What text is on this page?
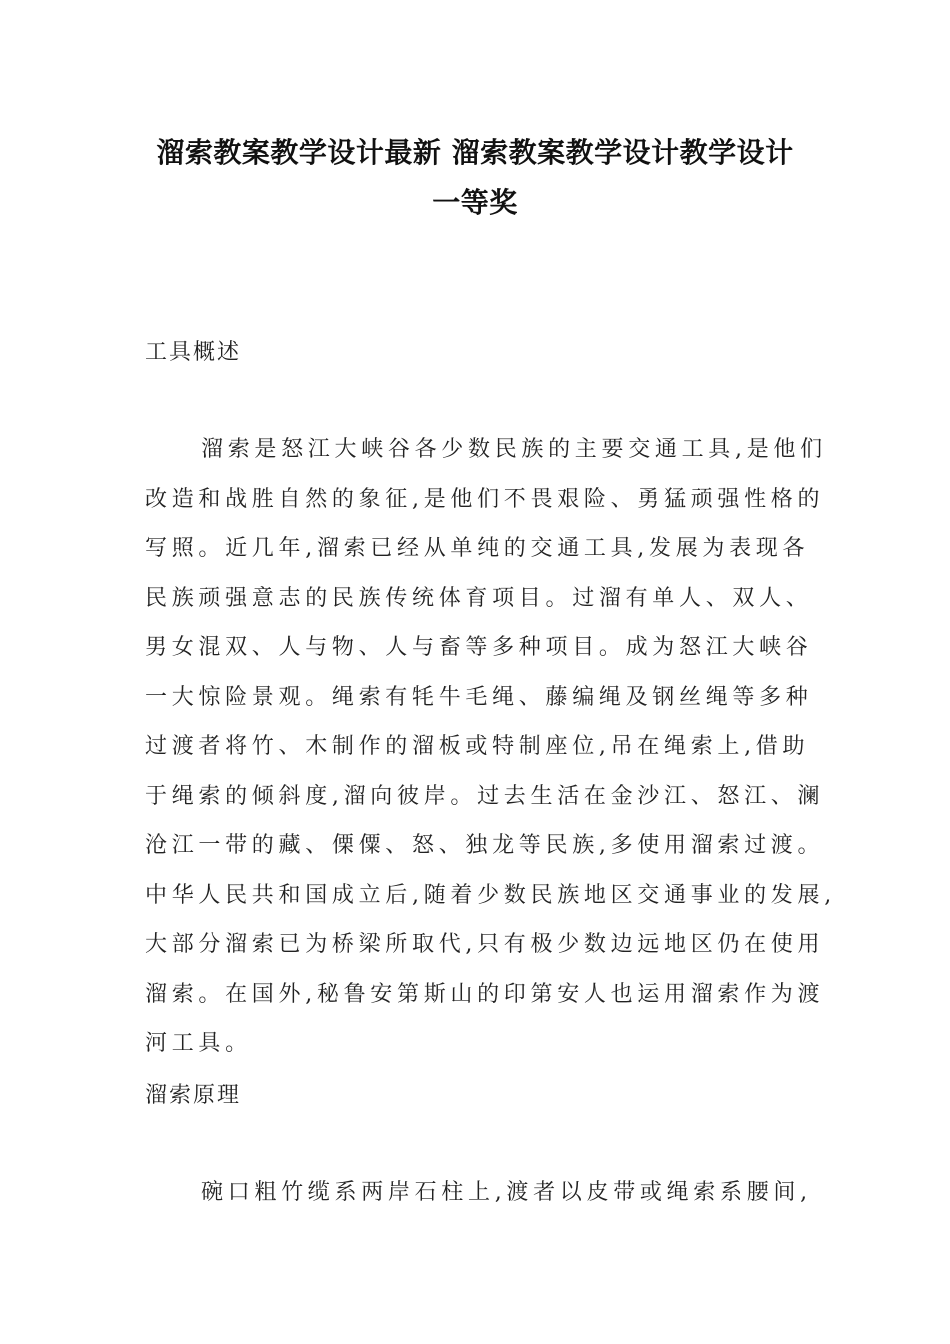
溜索教案教学设计最新 溜索教案教学设计教学设计
一等奖
工具概述
溜索是怒江大峡谷各少数民族的主要交通工具,是他们
改造和战胜自然的象征,是他们不畏艰险、勇猛顽强性格的
写照。近几年,溜索已经从单纯的交通工具,发展为表现各
民族顽强意志的民族传统体育项目。过溜有单人、双人、
男女混双、人与物、人与畜等多种项目。成为怒江大峡谷
一大惊险景观。绳索有牦牛毛绳、藤编绳及钢丝绳等多种
过渡者将竹、木制作的溜板或特制座位,吊在绳索上,借助
于绳索的倾斜度,溜向彼岸。过去生活在金沙江、怒江、澜
沧江一带的藏、傈僳、怒、独龙等民族,多使用溜索过渡。
中华人民共和国成立后,随着少数民族地区交通事业的发展,
大部分溜索已为桥梁所取代,只有极少数边远地区仍在使用
溜索。在国外,秘鲁安第斯山的印第安人也运用溜索作为渡
河工具。
溜索原理
碗口粗竹缆系两岸石柱上,渡者以皮带或绳索系腰间,
